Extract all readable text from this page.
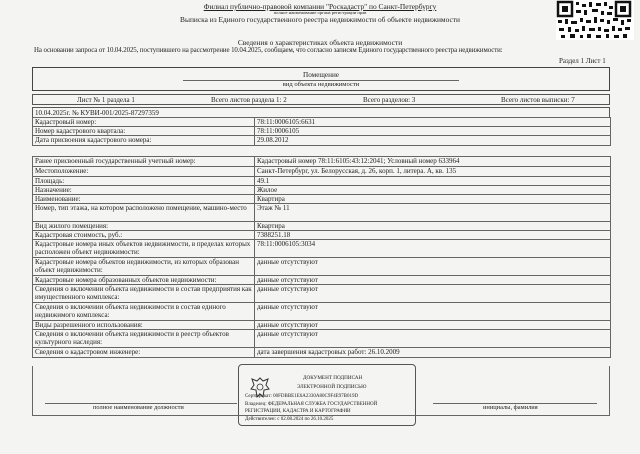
Филиал публично-правовой компании "Роскадастр" по Санкт-Петербургу
полное наименование органа регистрации прав
Выписка из Единого государственного реестра недвижимости об объекте недвижимости
Сведения о характеристиках объекта недвижимости
На основании запроса от 10.04.2025, поступившего на рассмотрение 10.04.2025, сообщаем, что согласно записям Единого государственного реестра недвижимости:
Раздел 1 Лист 1
Помещение
вид объекта недвижимости
Лист № 1 раздела 1	Всего листов раздела 1: 2	Всего разделов: 3	Всего листов выписки: 7
10.04.2025г. № КУВИ-001/2025-87297359
Кадастровый номер:	78:11:0006105:6631
Номер кадастрового квартала:	78:11:0006105
Дата присвоения кадастрового номера:	29.08.2012
Ранее присвоенный государственный учетный номер:	Кадастровый номер 78:11:6105:43:12:2041; Условный номер 633964
Местоположение:	Санкт-Петербург, ул. Белорусская, д. 26, корп. 1, литера. А, кв. 135
Площадь:	49.1
Назначение:	Жилое
Наименование:	Квартира
Номер, тип этажа, на котором расположено помещение, машино-место	Этаж № 11
Вид жилого помещения:	Квартира
Кадастровая стоимость, руб.:	7388251.18
Кадастровые номера иных объектов недвижимости, в пределах которых расположен объект недвижимости:	78:11:0006105:3034
Кадастровые номера объектов недвижимости, из которых образован объект недвижимости:	данные отсутствуют
Кадастровые номера образованных объектов недвижимости:	данные отсутствуют
Сведения о включении объекта недвижимости в состав предприятия как имущественного комплекса:	данные отсутствуют
Сведения о включении объекта недвижимости в состав единого недвижимого комплекса:	данные отсутствуют
Виды разрешенного использования:	данные отсутствуют
Сведения о включении объекта недвижимости в реестр объектов культурного наследия:	данные отсутствуют
Сведения о кадастровом инженере:	дата завершения кадастровых работ: 26.10.2009
ДОКУМЕНТ ПОДПИСАН
ЭЛЕКТРОННОЙ ПОДПИСЬЮ
Сертификат: 00FDBBE1E6A2330A80C9F4E97B019D
Владелец: ФЕДЕРАЛЬНАЯ СЛУЖБА ГОСУДАРСТВЕННОЙ
РЕГИСТРАЦИИ, КАДАСТРА И КАРТОГРАФИИ
Действителен: с 02.08.2024 по 26.10.2025
полное наименование должности	инициалы, фамилия
